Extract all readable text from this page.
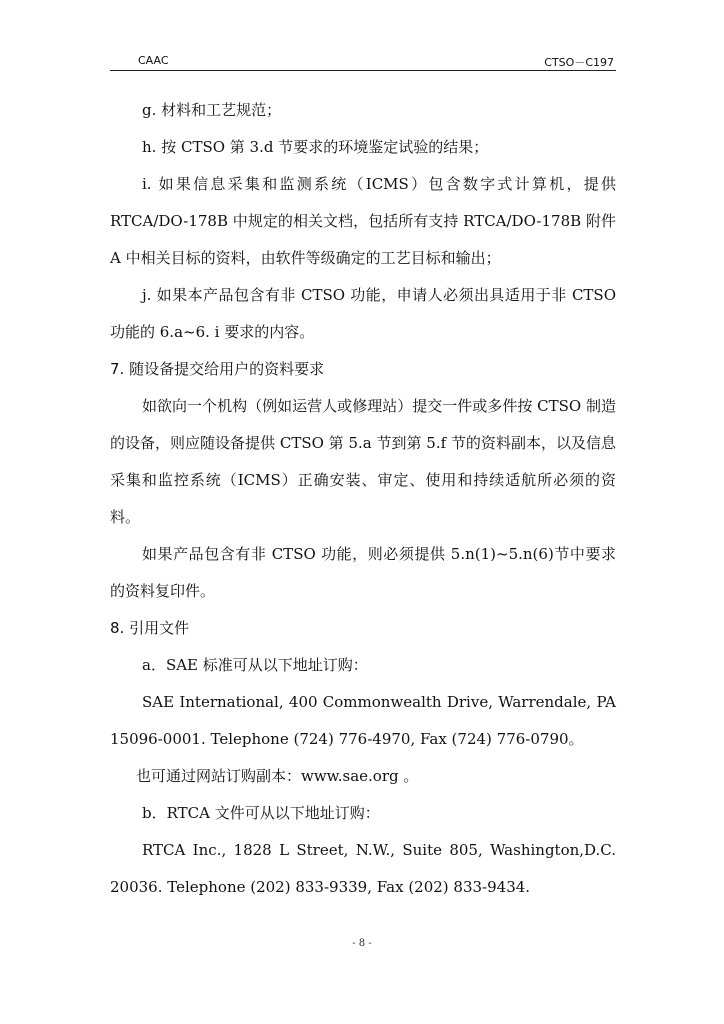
CAAC	CTSO－C197

g. 材料和工艺规范；

h. 按 CTSO 第 3.d 节要求的环境鉴定试验的结果；

i. 如果信息采集和监测系统（ICMS）包含数字式计算机，提供 RTCA/DO-178B 中规定的相关文档，包括所有支持 RTCA/DO-178B 附件 A 中相关目标的资料，由软件等级确定的工艺目标和输出；

j. 如果本产品包含有非 CTSO 功能，申请人必须出具适用于非 CTSO 功能的 6.a~6. i 要求的内容。

7. 随设备提交给用户的资料要求

如欲向一个机构（例如运营人或修理站）提交一件或多件按 CTSO 制造的设备，则应随设备提供 CTSO 第 5.a 节到第 5.f 节的资料副本，以及信息采集和监控系统（ICMS）正确安装、审定、使用和持续适航所必须的资料。

如果产品包含有非 CTSO 功能，则必须提供 5.n(1)~5.n(6)节中要求的资料复印件。

8. 引用文件

a．SAE 标准可从以下地址订购：

SAE International, 400 Commonwealth Drive, Warrendale, PA 15096-0001. Telephone (724) 776-4970, Fax (724) 776-0790。

也可通过网站订购副本：www.sae.org 。

b．RTCA 文件可从以下地址订购：

RTCA Inc., 1828 L Street, N.W., Suite 805, Washington,D.C. 20036. Telephone (202) 833-9339, Fax (202) 833-9434.

- 8 -
